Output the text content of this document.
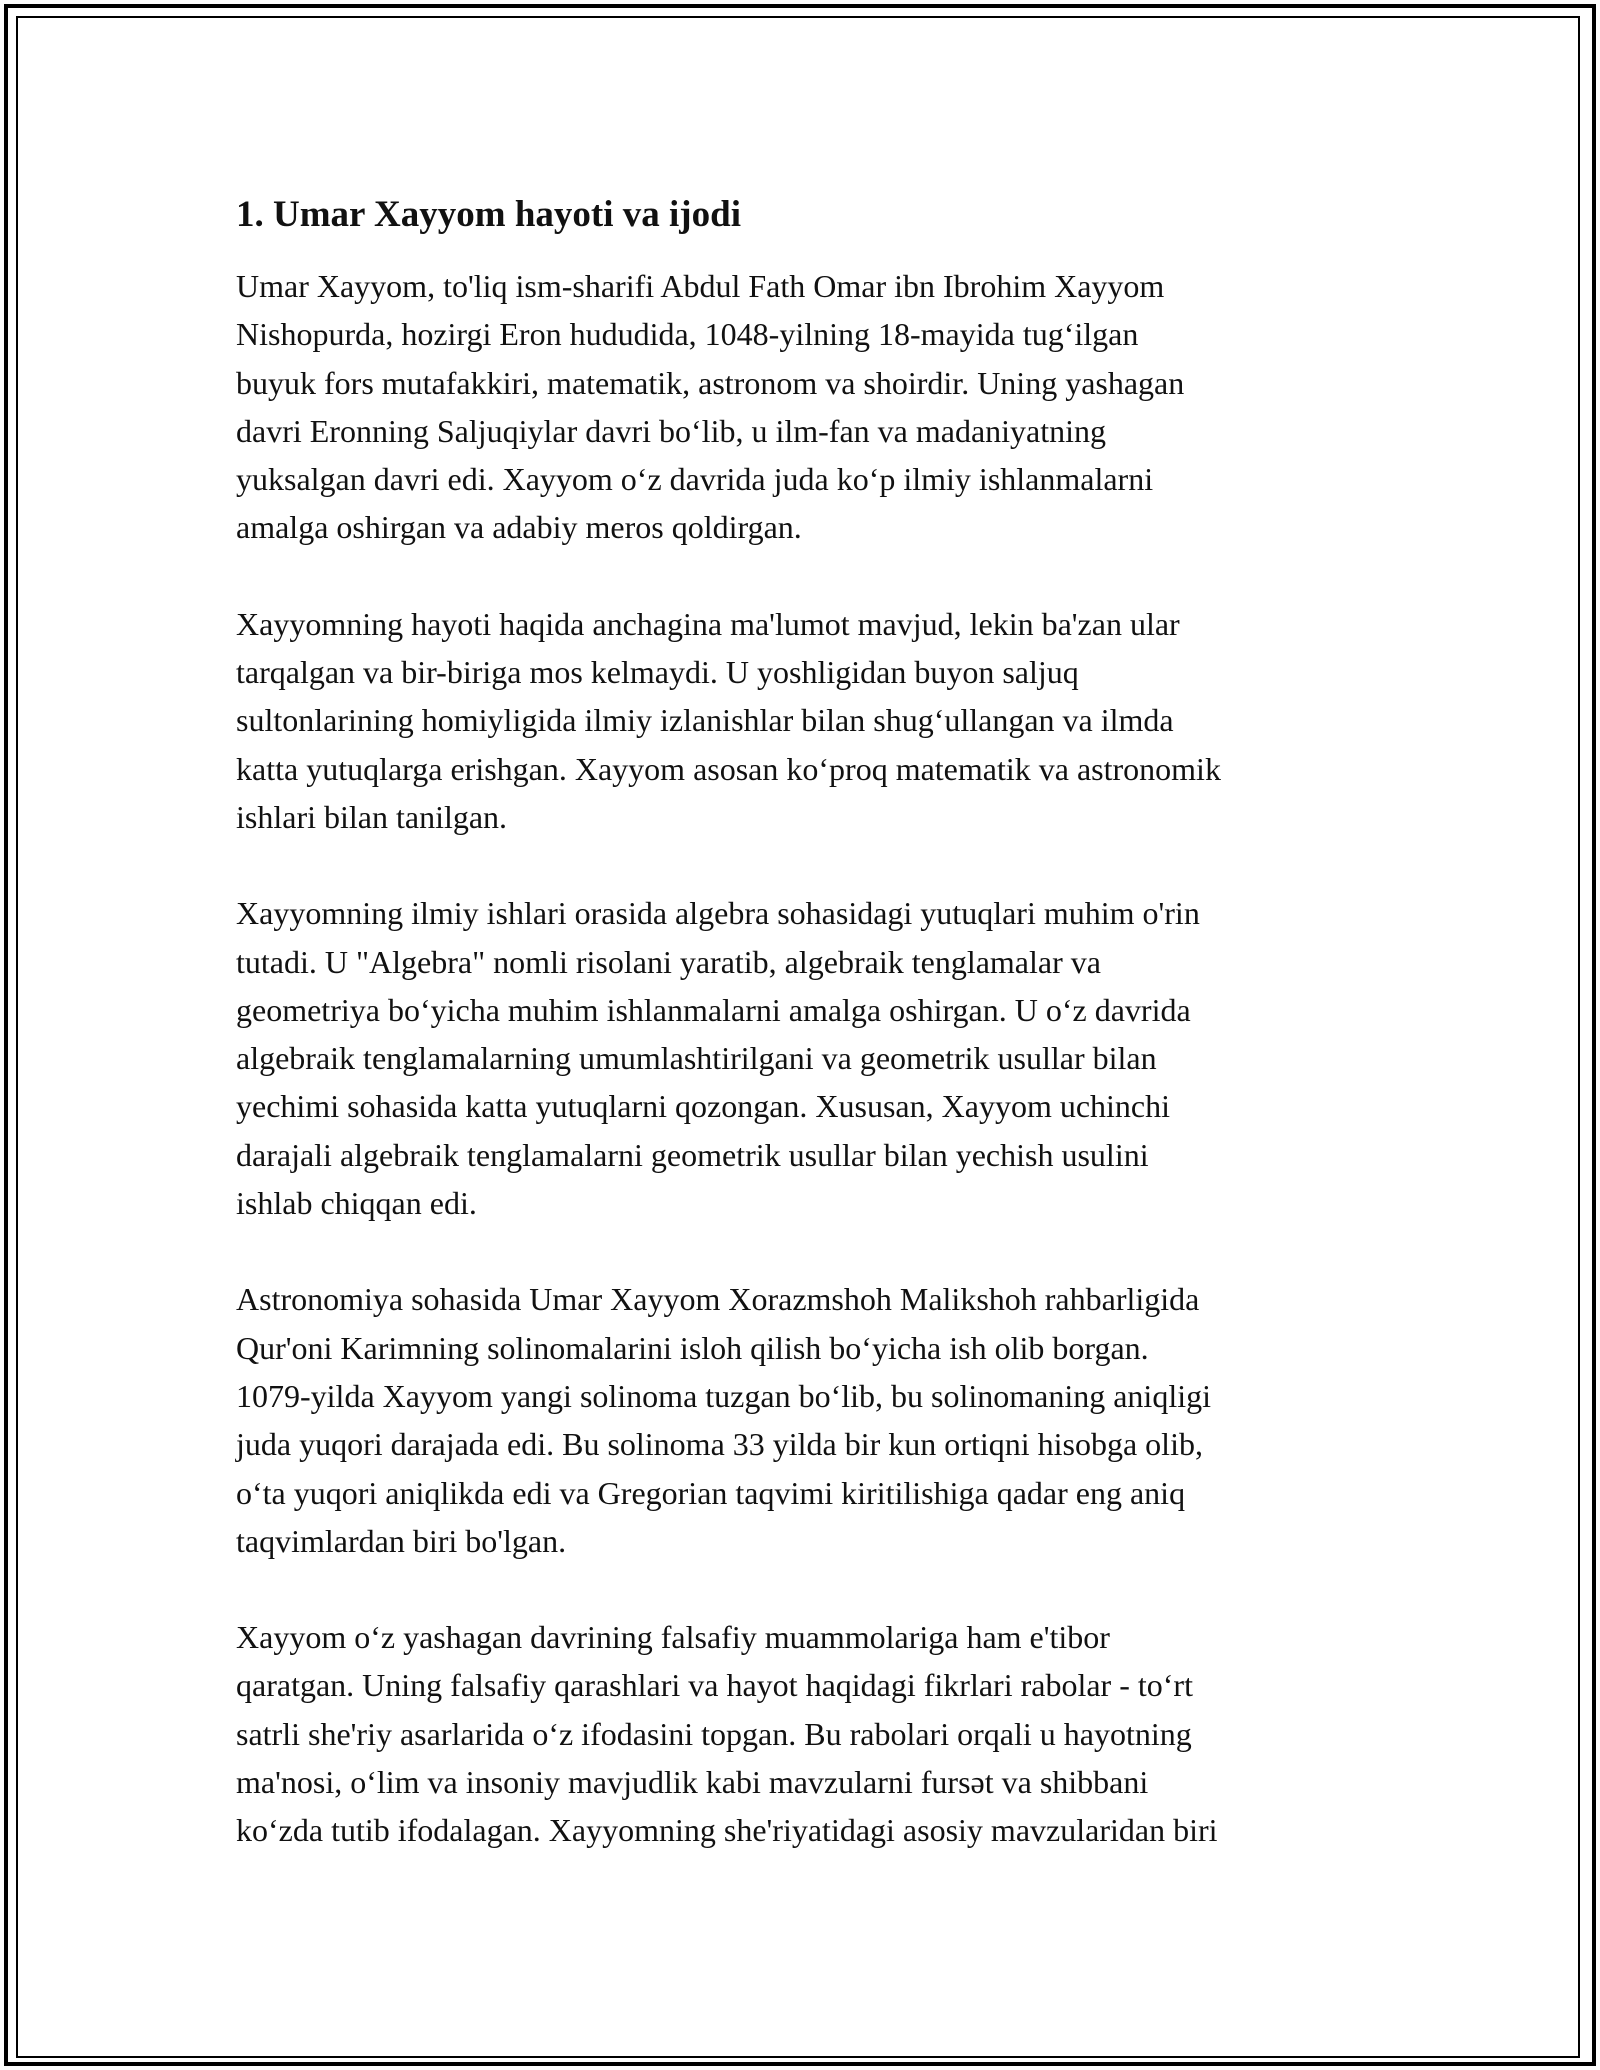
1. Umar Xayyom hayoti va ijodi

Umar Xayyom, to'liq ism-sharifi Abdul Fath Omar ibn Ibrohim Xayyom
Nishopurda, hozirgi Eron hududida, 1048-yilning 18-mayida tug‘ilgan
buyuk fors mutafakkiri, matematik, astronom va shoirdir. Uning yashagan
davri Eronning Saljuqiylar davri bo‘lib, u ilm-fan va madaniyatning
yuksalgan davri edi. Xayyom o‘z davrida juda ko‘p ilmiy ishlanmalarni
amalga oshirgan va adabiy meros qoldirgan.

Xayyomning hayoti haqida anchagina ma'lumot mavjud, lekin ba'zan ular
tarqalgan va bir-biriga mos kelmaydi. U yoshligidan buyon saljuq
sultonlarining homiyligida ilmiy izlanishlar bilan shug‘ullangan va ilmda
katta yutuqlarga erishgan. Xayyom asosan ko‘proq matematik va astronomik
ishlari bilan tanilgan.

Xayyomning ilmiy ishlari orasida algebra sohasidagi yutuqlari muhim o'rin
tutadi. U "Algebra" nomli risolani yaratib, algebraik tenglamalar va
geometriya bo‘yicha muhim ishlanmalarni amalga oshirgan. U o‘z davrida
algebraik tenglamalarning umumlashtirilgani va geometrik usullar bilan
yechimi sohasida katta yutuqlarni qozongan. Xususan, Xayyom uchinchi
darajali algebraik tenglamalarni geometrik usullar bilan yechish usulini
ishlab chiqqan edi.

Astronomiya sohasida Umar Xayyom Xorazmshoh Malikshoh rahbarligida
Qur'oni Karimning solinomalarini isloh qilish bo‘yicha ish olib borgan.
1079-yilda Xayyom yangi solinoma tuzgan bo‘lib, bu solinomaning aniqligi
juda yuqori darajada edi. Bu solinoma 33 yilda bir kun ortiqni hisobga olib,
o‘ta yuqori aniqlikda edi va Gregorian taqvimi kiritilishiga qadar eng aniq
taqvimlardan biri bo'lgan.

Xayyom o‘z yashagan davrining falsafiy muammolariga ham e'tibor
qaratgan. Uning falsafiy qarashlari va hayot haqidagi fikrlari rabolar - to‘rt
satrli she'riy asarlarida o‘z ifodasini topgan. Bu rabolari orqali u hayotning
ma'nosi, o‘lim va insoniy mavjudlik kabi mavzularni fursət va shibbani
ko‘zda tutib ifodalagan. Xayyomning she'riyatidagi asosiy mavzularidan biri
